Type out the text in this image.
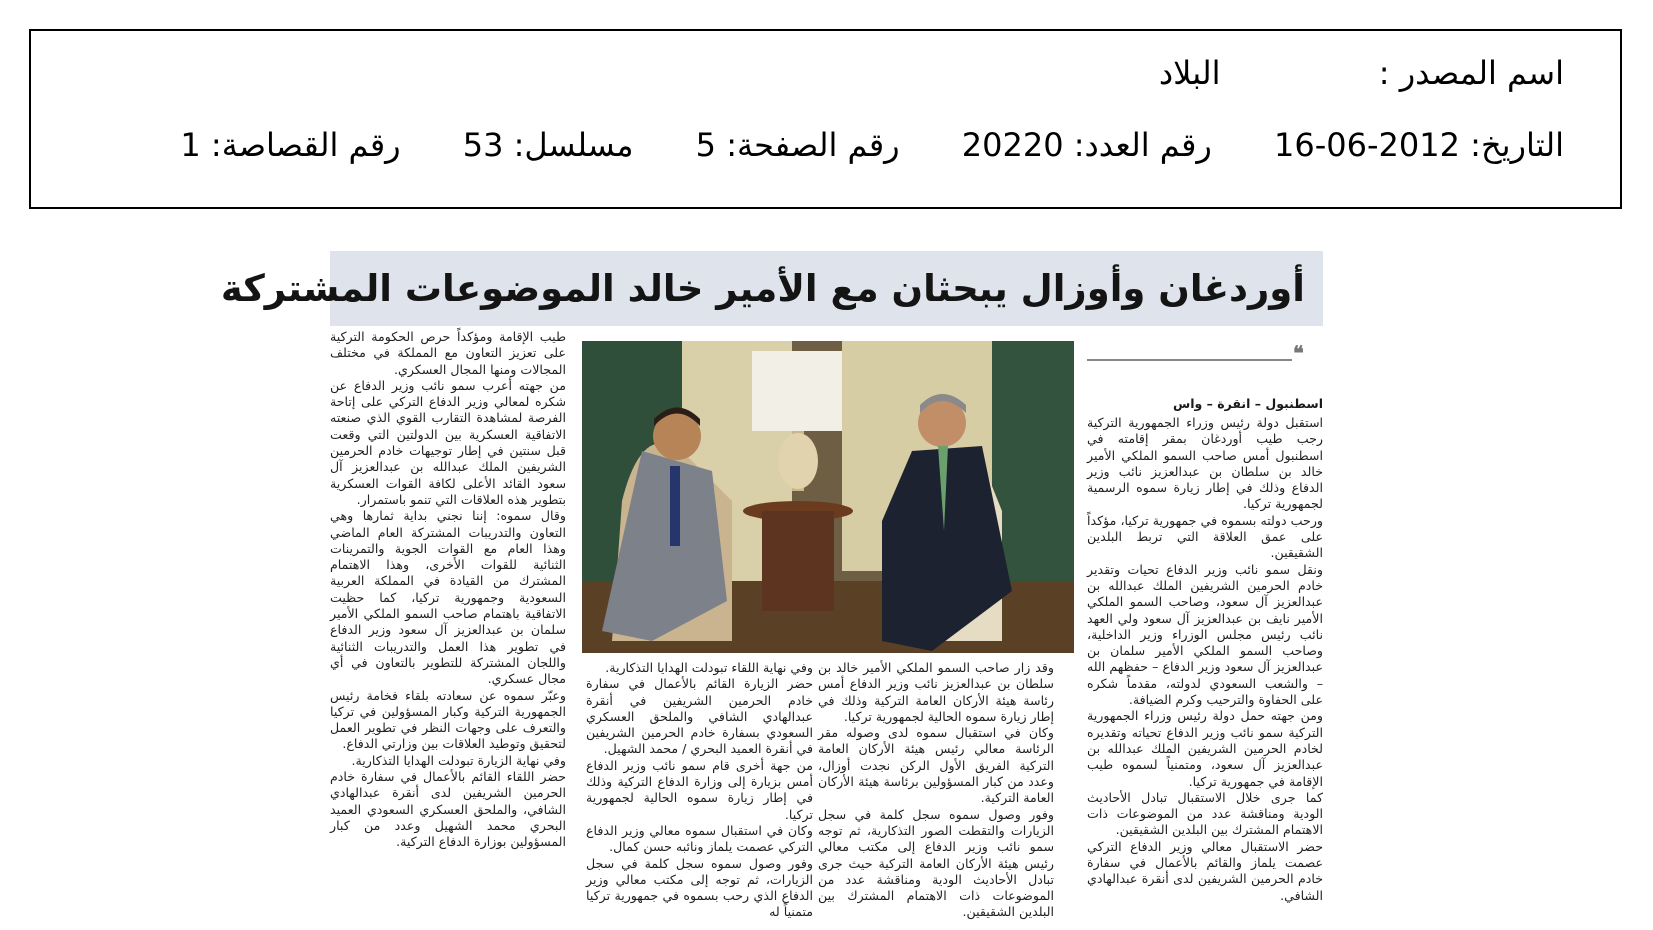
اسم المصدر : البلاد
التاريخ: 2012-06-16 رقم العدد: 20220 رقم الصفحة: 5 مسلسل: 53 رقم القصاصة: 1
أوردغان وأوزال يبحثان مع الأمير خالد الموضوعات المشتركة
❝
اسطنبول – انقرة – واس

استقبل دولة رئيس وزراء الجمهورية التركية رجب طيب أوردغان بمقر إقامته في اسطنبول أمس صاحب السمو الملكي الأمير خالد بن سلطان بن عبدالعزيز نائب وزير الدفاع وذلك في إطار زيارة سموه الرسمية لجمهورية تركيا.

ورحب دولته بسموه في جمهورية تركيا، مؤكداً على عمق العلاقة التي تربط البلدين الشقيقين.

ونقل سمو نائب وزير الدفاع تحيات وتقدير خادم الحرمين الشريفين الملك عبدالله بن عبدالعزيز آل سعود، وصاحب السمو الملكي الأمير نايف بن عبدالعزيز آل سعود ولي العهد نائب رئيس مجلس الوزراء وزير الداخلية، وصاحب السمو الملكي الأمير سلمان بن عبدالعزيز آل سعود وزير الدفاع – حفظهم الله – والشعب السعودي لدولته، مقدماً شكره على الحفاوة والترحيب وكرم الضيافة.

ومن جهته حمل دولة رئيس وزراء الجمهورية التركية سمو نائب وزير الدفاع تحياته وتقديره لخادم الحرمين الشريفين الملك عبدالله بن عبدالعزيز آل سعود، ومتمنياً لسموه طيب الإقامة في جمهورية تركيا.

كما جرى خلال الاستقبال تبادل الأحاديث الودية ومناقشة عدد من الموضوعات ذات الاهتمام المشترك بين البلدين الشقيقين.

حضر الاستقبال معالي وزير الدفاع التركي عصمت يلماز والقائم بالأعمال في سفارة خادم الحرمين الشريفين لدى أنقرة عبدالهادي الشافي.

وقد زار صاحب السمو الملكي الأمير خالد بن سلطان بن عبدالعزيز نائب وزير الدفاع أمس رئاسة هيئة الأركان العامة التركية وذلك في إطار زيارة سموه الحالية لجمهورية تركيا.

وكان في استقبال سموه لدى وصوله مقر الرئاسة معالي رئيس هيئة الأركان العامة التركية الفريق الأول الركن نجدت أوزال، وعدد من كبار المسؤولين برئاسة هيئة الأركان العامة التركية.

وفور وصول سموه سجل كلمة في سجل الزيارات والتقطت الصور التذكارية، ثم توجه سمو نائب وزير الدفاع إلى مكتب معالي رئيس هيئة الأركان العامة التركية حيث جرى تبادل الأحاديث الودية ومناقشة عدد من الموضوعات ذات الاهتمام المشترك بين البلدين الشقيقين.

وفي نهاية اللقاء تبودلت الهدايا التذكارية.

حضر الزيارة القائم بالأعمال في سفارة خادم الحرمين الشريفين في أنقرة عبدالهادي الشافي والملحق العسكري السعودي بسفارة خادم الحرمين الشريفين في أنقرة العميد البحري / محمد الشهيل.

من جهة أخرى قام سمو نائب وزير الدفاع أمس بزيارة إلى وزارة الدفاع التركية وذلك في إطار زيارة سموه الحالية لجمهورية تركيا.

وكان في استقبال سموه معالي وزير الدفاع التركي عصمت يلماز ونائبه حسن كمال.

وفور وصول سموه سجل كلمة في سجل الزيارات، ثم توجه إلى مكتب معالي وزير الدفاع الذي رحب بسموه في جمهورية تركيا متمنياً له

طيب الإقامة ومؤكداً حرص الحكومة التركية على تعزيز التعاون مع المملكة في مختلف المجالات ومنها المجال العسكري.

من جهته أعرب سمو نائب وزير الدفاع عن شكره لمعالي وزير الدفاع التركي على إتاحة الفرصة لمشاهدة التقارب القوي الذي صنعته الاتفاقية العسكرية بين الدولتين التي وقعت قبل سنتين في إطار توجيهات خادم الحرمين الشريفين الملك عبدالله بن عبدالعزيز آل سعود القائد الأعلى لكافة القوات العسكرية بتطوير هذه العلاقات التي تنمو باستمرار.

وقال سموه: إننا نجني بداية ثمارها وهي التعاون والتدريبات المشتركة العام الماضي وهذا العام مع القوات الجوية والتمرينات الثنائية للقوات الأخرى، وهذا الاهتمام المشترك من القيادة في المملكة العربية السعودية وجمهورية تركيا، كما حظيت الاتفاقية باهتمام صاحب السمو الملكي الأمير سلمان بن عبدالعزيز آل سعود وزير الدفاع في تطوير هذا العمل والتدريبات الثنائية واللجان المشتركة للتطوير بالتعاون في أي مجال عسكري.

وعبّر سموه عن سعادته بلقاء فخامة رئيس الجمهورية التركية وكبار المسؤولين في تركيا والتعرف على وجهات النظر في تطوير العمل لتحقيق وتوطيد العلاقات بين وزارتي الدفاع.

وفي نهاية الزيارة تبودلت الهدايا التذكارية.

حضر اللقاء القائم بالأعمال في سفارة خادم الحرمين الشريفين لدى أنقرة عبدالهادي الشافي، والملحق العسكري السعودي العميد البحري محمد الشهيل وعدد من كبار المسؤولين بوزارة الدفاع التركية.
